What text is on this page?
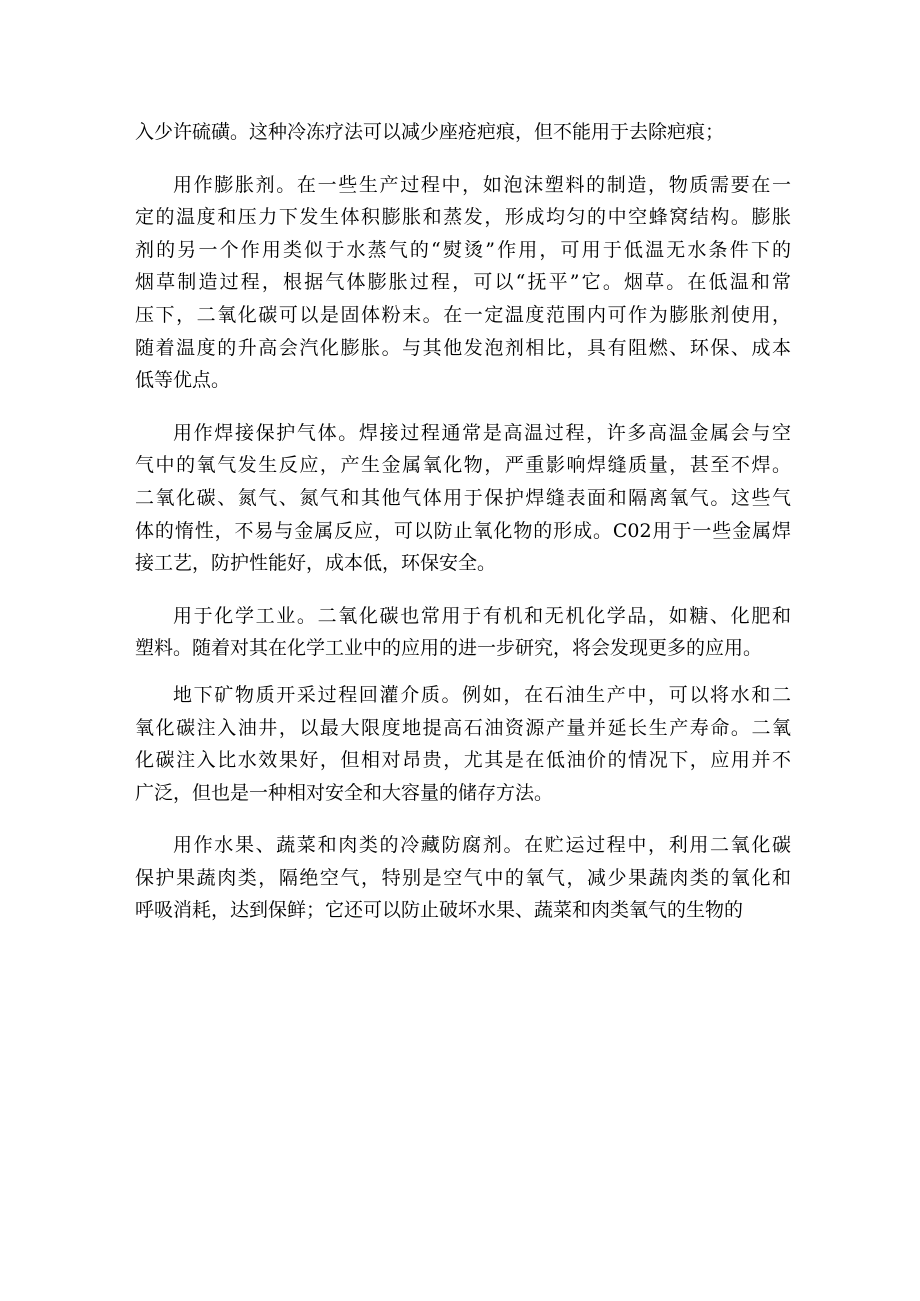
入少许硫磺。这种冷冻疗法可以减少座疮疤痕，但不能用于去除疤痕；
用作膨胀剂。在一些生产过程中，如泡沫塑料的制造，物质需要在一
定的温度和压力下发生体积膨胀和蒸发，形成均匀的中空蜂窝结构。膨胀
剂的另一个作用类似于水蒸气的“熨烫”作用，可用于低温无水条件下的
烟草制造过程，根据气体膨胀过程，可以“抚平”它。烟草。在低温和常
压下，二氧化碳可以是固体粉末。在一定温度范围内可作为膨胀剂使用，
随着温度的升高会汽化膨胀。与其他发泡剂相比，具有阻燃、环保、成本
低等优点。
用作焊接保护气体。焊接过程通常是高温过程，许多高温金属会与空
气中的氧气发生反应，产生金属氧化物，严重影响焊缝质量，甚至不焊。
二氧化碳、氮气、氮气和其他气体用于保护焊缝表面和隔离氧气。这些气
体的惰性，不易与金属反应，可以防止氧化物的形成。C02用于一些金属焊
接工艺，防护性能好，成本低，环保安全。
用于化学工业。二氧化碳也常用于有机和无机化学品，如糖、化肥和
塑料。随着对其在化学工业中的应用的进一步研究，将会发现更多的应用。
地下矿物质开采过程回灌介质。例如，在石油生产中，可以将水和二
氧化碳注入油井，以最大限度地提高石油资源产量并延长生产寿命。二氧
化碳注入比水效果好，但相对昂贵，尤其是在低油价的情况下，应用并不
广泛，但也是一种相对安全和大容量的储存方法。
用作水果、蔬菜和肉类的冷藏防腐剂。在贮运过程中，利用二氧化碳
保护果蔬肉类，隔绝空气，特别是空气中的氧气，减少果蔬肉类的氧化和
呼吸消耗，达到保鲜；它还可以防止破坏水果、蔬菜和肉类氧气的生物的
